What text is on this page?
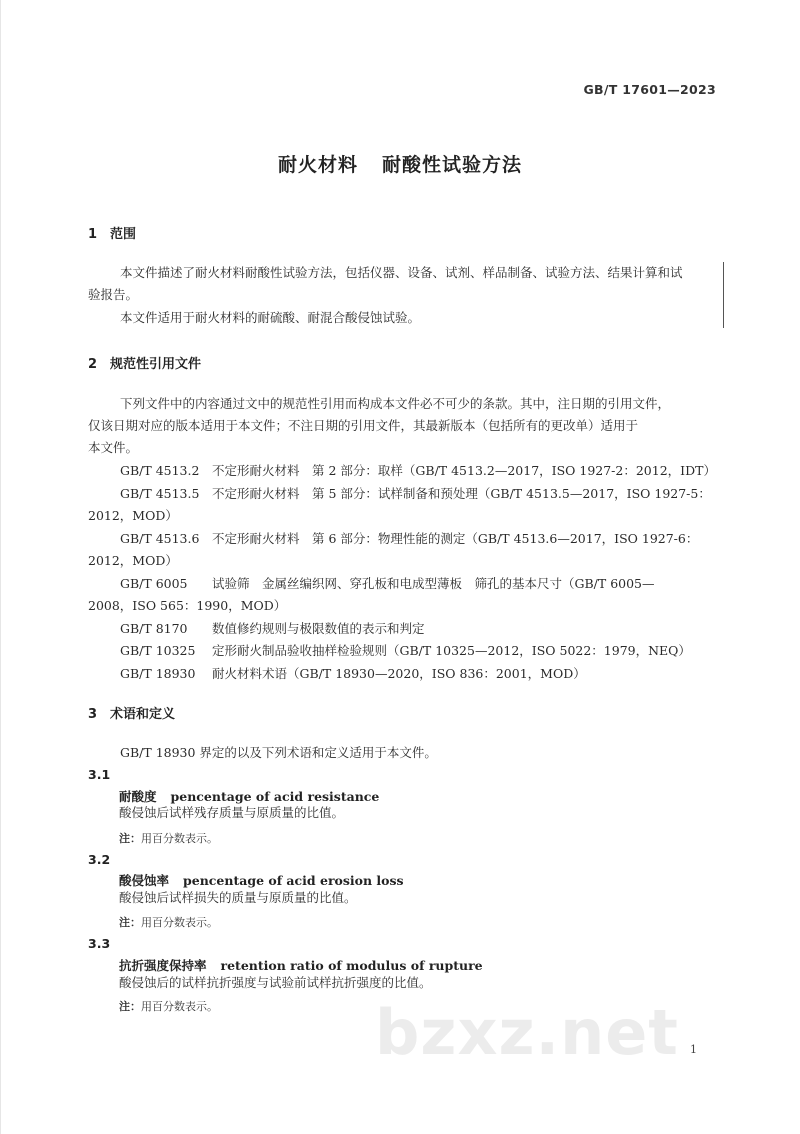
GB/T 17601—2023
耐火材料 耐酸性试验方法
1 范围
本文件描述了耐火材料耐酸性试验方法，包括仪器、设备、试剂、样品制备、试验方法、结果计算和试
验报告。
本文件适用于耐火材料的耐硫酸、耐混合酸侵蚀试验。
2 规范性引用文件
下列文件中的内容通过文中的规范性引用而构成本文件必不可少的条款。其中，注日期的引用文件，
仅该日期对应的版本适用于本文件；不注日期的引用文件，其最新版本（包括所有的更改单）适用于
本文件。
GB/T 4513.2 不定形耐火材料　第 2 部分：取样（GB/T 4513.2—2017，ISO 1927-2：2012，IDT）
GB/T 4513.5 不定形耐火材料　第 5 部分：试样制备和预处理（GB/T 4513.5—2017，ISO 1927-5：
2012，MOD）
GB/T 4513.6 不定形耐火材料　第 6 部分：物理性能的测定（GB/T 4513.6—2017，ISO 1927-6：
2012，MOD）
GB/T 6005 试验筛　金属丝编织网、穿孔板和电成型薄板　筛孔的基本尺寸（GB/T 6005—
2008，ISO 565：1990，MOD）
GB/T 8170 数值修约规则与极限数值的表示和判定
GB/T 10325 定形耐火制品验收抽样检验规则（GB/T 10325—2012，ISO 5022：1979，NEQ）
GB/T 18930 耐火材料术语（GB/T 18930—2020，ISO 836：2001，MOD）
3 术语和定义
GB/T 18930 界定的以及下列术语和定义适用于本文件。
3.1
耐酸度 pencentage of acid resistance
酸侵蚀后试样残存质量与原质量的比值。
注：用百分数表示。
3.2
酸侵蚀率 pencentage of acid erosion loss
酸侵蚀后试样损失的质量与原质量的比值。
注：用百分数表示。
3.3
抗折强度保持率 retention ratio of modulus of rupture
酸侵蚀后的试样抗折强度与试验前试样抗折强度的比值。
注：用百分数表示。	bzxz.net 1
